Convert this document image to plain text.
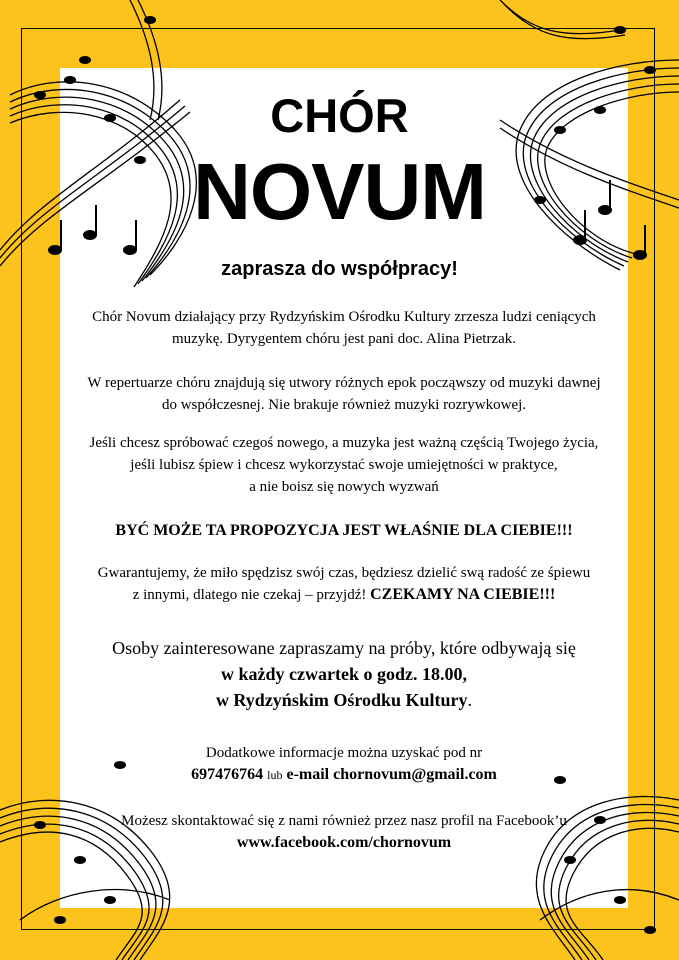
CHÓR
NOVUM
zaprasza do współpracy!
Chór Novum działający przy Rydzyńskim Ośrodku Kultury zrzesza ludzi ceniących
muzykę. Dyrygentem chóru jest pani doc. Alina Pietrzak.
W repertuarze chóru znajdują się utwory różnych epok począwszy od muzyki dawnej
do współczesnej. Nie brakuje również muzyki rozrywkowej.
Jeśli chcesz spróbować czegoś nowego, a muzyka jest ważną częścią Twojego życia,
jeśli lubisz śpiew i chcesz wykorzystać swoje umiejętności w praktyce,
a nie boisz się nowych wyzwań
BYĆ MOŻE TA PROPOZYCJA JEST WŁAŚNIE DLA CIEBIE!!!
Gwarantujemy, że miło spędzisz swój czas, będziesz dzielić swą radość ze śpiewu
z innymi, dlatego nie czekaj – przyjdź! CZEKAMY NA CIEBIE!!!
Osoby zainteresowane zapraszamy na próby, które odbywają się
w każdy czwartek o godz. 18.00,
w Rydzyńskim Ośrodku Kultury.
Dodatkowe informacje można uzyskać pod nr
697476764 lub e-mail chornovum@gmail.com
Możesz skontaktować się z nami również przez nasz profil na Facebook’u
www.facebook.com/chornovum
